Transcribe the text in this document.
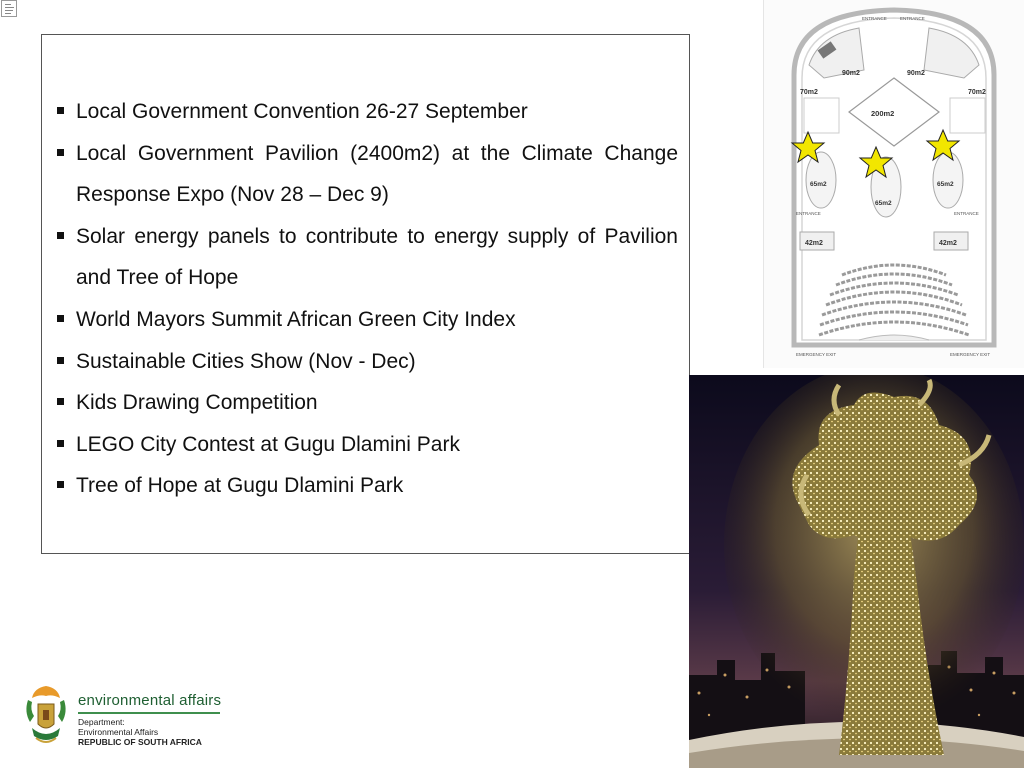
Local Government Convention 26-27 September
Local Government Pavilion (2400m2) at the Climate Change Response Expo (Nov 28 – Dec 9)
Solar energy panels to contribute to energy supply of Pavilion and Tree of Hope
World Mayors Summit African Green City Index
Sustainable Cities Show (Nov - Dec)
Kids Drawing Competition
LEGO City Contest at Gugu Dlamini Park
Tree of Hope at Gugu Dlamini Park
ENTRANCE	ENTRANCE
90m2	90m2
70m2	70m2
200m2
65m2
65m2
65m2
ENTRANCE	ENTRANCE
42m2	42m2
EMERGENCY EXIT	EMERGENCY EXIT
environmental affairs
Department:
Environmental Affairs
REPUBLIC OF SOUTH AFRICA
